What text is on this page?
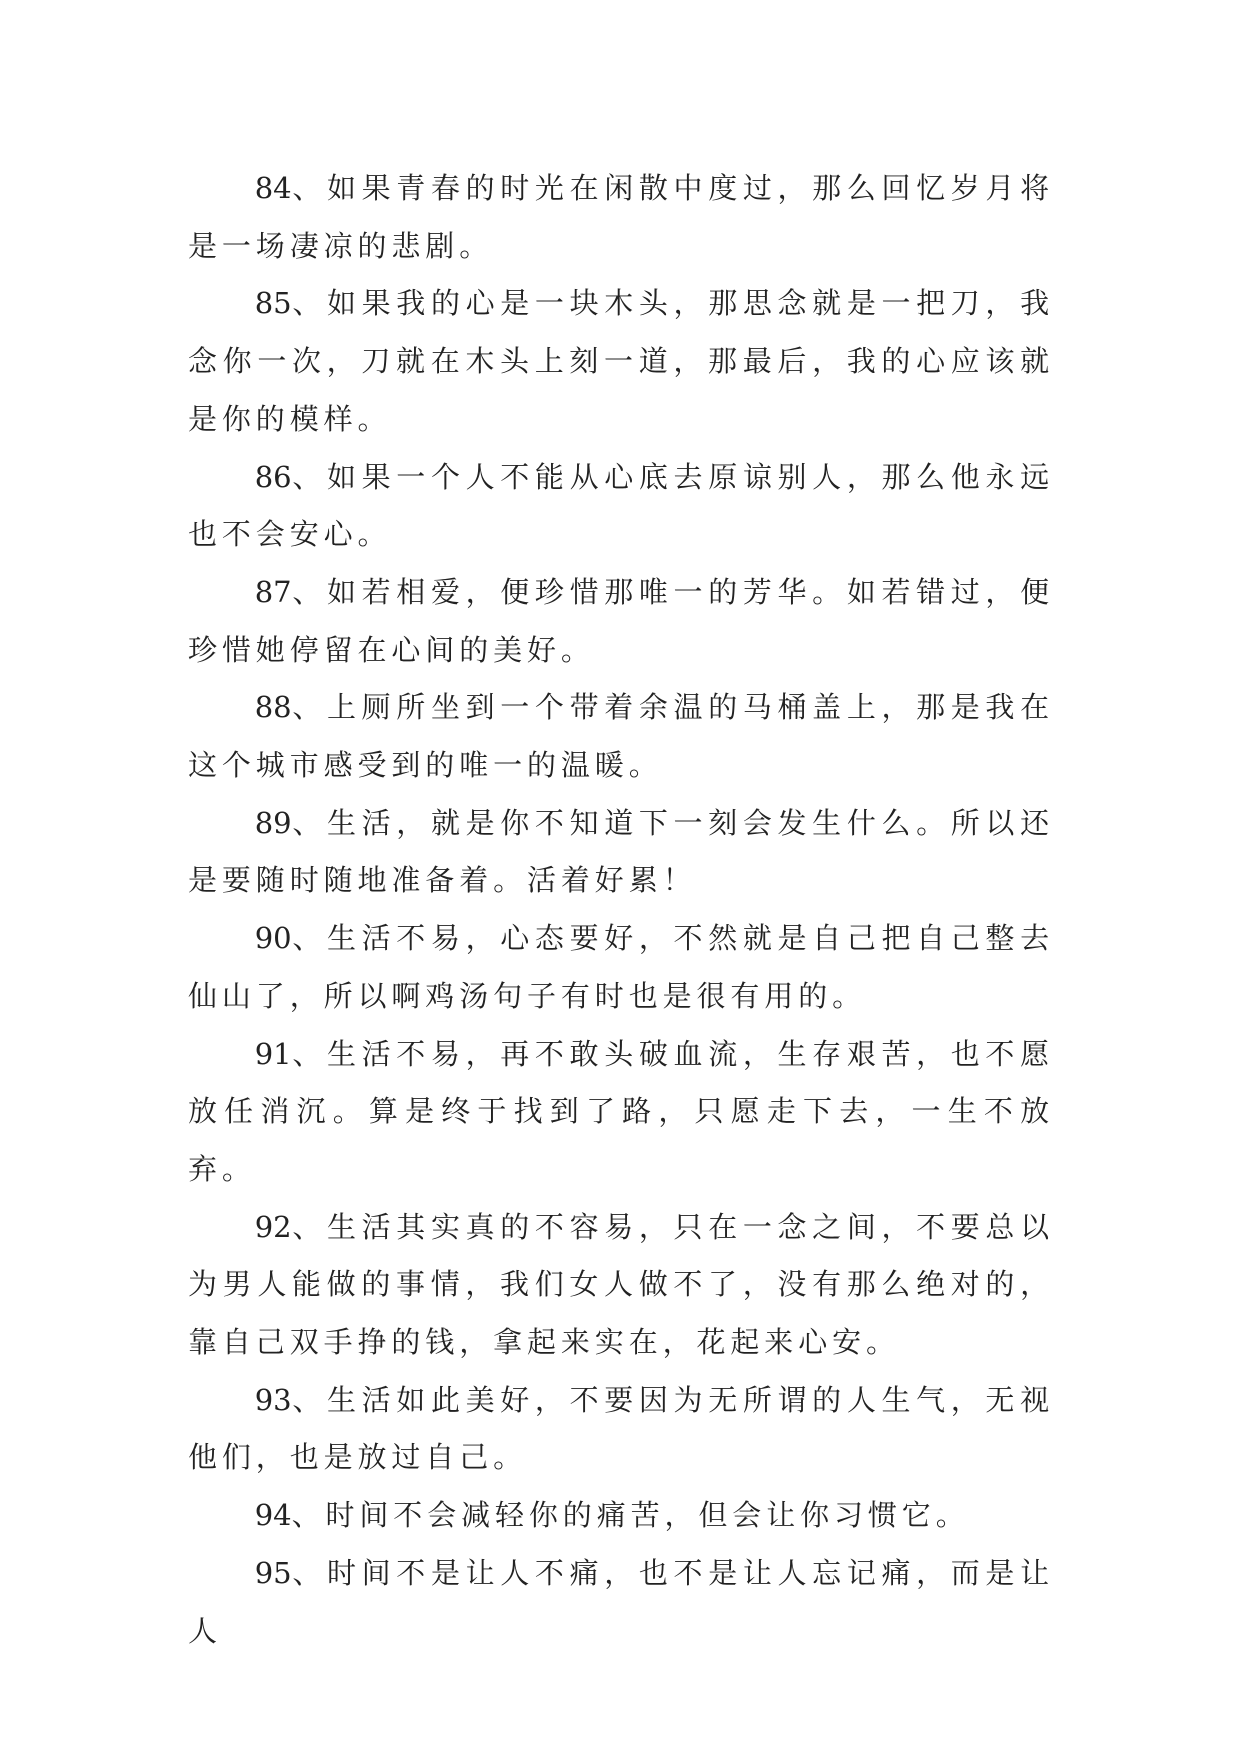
84、如果青春的时光在闲散中度过，那么回忆岁月将是一场凄凉的悲剧。

85、如果我的心是一块木头，那思念就是一把刀，我念你一次，刀就在木头上刻一道，那最后，我的心应该就是你的模样。

86、如果一个人不能从心底去原谅别人，那么他永远也不会安心。

87、如若相爱，便珍惜那唯一的芳华。如若错过，便珍惜她停留在心间的美好。

88、上厕所坐到一个带着余温的马桶盖上，那是我在这个城市感受到的唯一的温暖。

89、生活，就是你不知道下一刻会发生什么。所以还是要随时随地准备着。活着好累！

90、生活不易，心态要好，不然就是自己把自己整去仙山了，所以啊鸡汤句子有时也是很有用的。

91、生活不易，再不敢头破血流，生存艰苦，也不愿放任消沉。算是终于找到了路，只愿走下去，一生不放弃。

92、生活其实真的不容易，只在一念之间，不要总以为男人能做的事情，我们女人做不了，没有那么绝对的，靠自己双手挣的钱，拿起来实在，花起来心安。

93、生活如此美好，不要因为无所谓的人生气，无视他们，也是放过自己。

94、时间不会减轻你的痛苦，但会让你习惯它。

95、时间不是让人不痛，也不是让人忘记痛，而是让人
